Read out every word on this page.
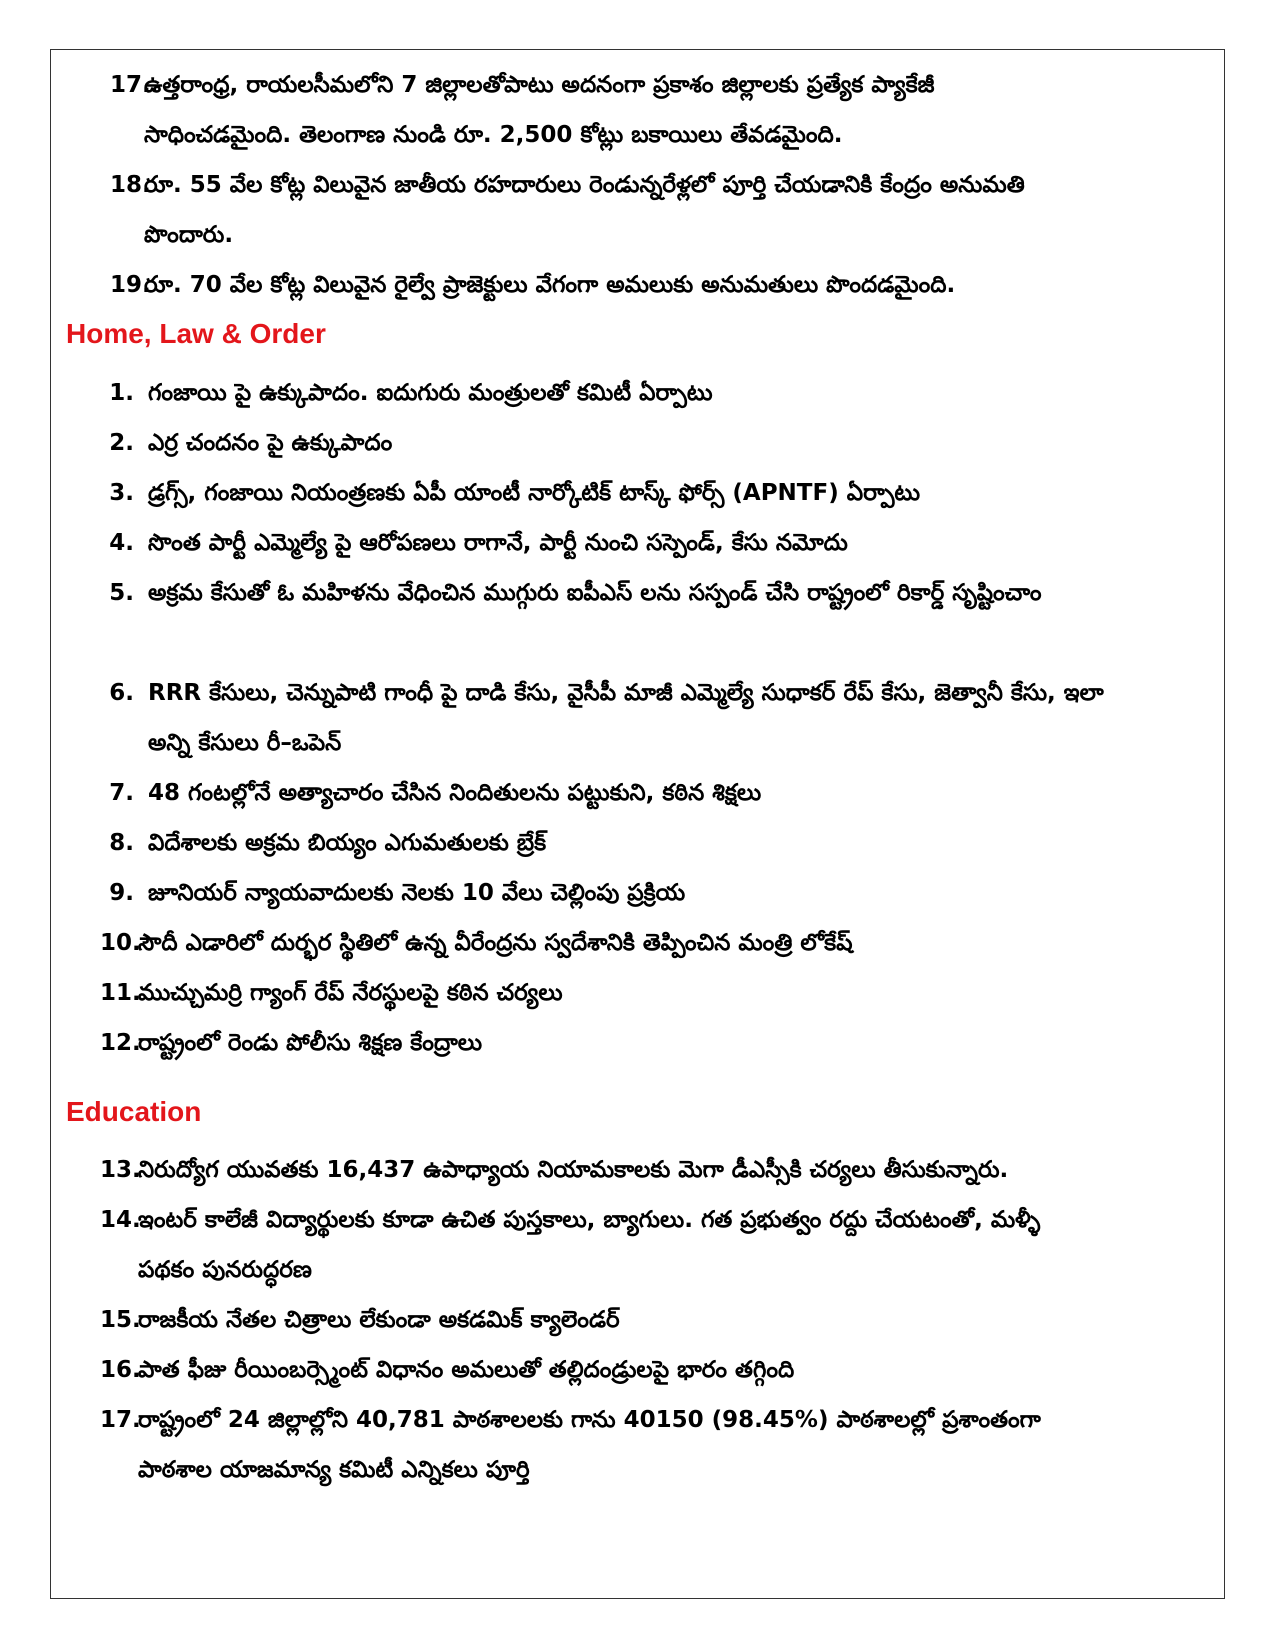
17.
ఉత్తరాంధ్ర, రాయలసీమలోని 7 జిల్లాలతోపాటు అదనంగా ప్రకాశం జిల్లాలకు ప్రత్యేక ప్యాకేజీ సాధించడమైంది. తెలంగాణ నుండి రూ. 2,500 కోట్లు బకాయిలు తేవడమైంది.
18.
రూ. 55 వేల కోట్ల విలువైన జాతీయ రహదారులు రెండున్నరేళ్లలో పూర్తి చేయడానికి కేంద్రం అనుమతి పొందారు.
19.
రూ. 70 వేల కోట్ల విలువైన రైల్వే ప్రాజెక్టులు వేగంగా అమలుకు అనుమతులు పొందడమైంది.
Home, Law & Order
1. గంజాయి పై ఉక్కుపాదం. ఐదుగురు మంత్రులతో కమిటీ ఏర్పాటు
2. ఎర్ర చందనం పై ఉక్కుపాదం
3. డ్రగ్స్, గంజాయి నియంత్రణకు ఏపీ యాంటీ నార్కోటిక్ టాస్క్ ఫోర్స్ (APNTF) ఏర్పాటు
4. సొంత పార్టీ ఎమ్మెల్యే పై ఆరోపణలు రాగానే, పార్టీ నుంచి సస్పెండ్, కేసు నమోదు
5. అక్రమ కేసుతో ఓ మహిళను వేధించిన ముగ్గురు ఐపీఎస్ లను సస్పండ్ చేసి రాష్ట్రంలో రికార్డ్ సృష్టించాం
6. RRR కేసులు, చెన్నుపాటి గాంధీ పై దాడి కేసు, వైసీపీ మాజీ ఎమ్మెల్యే సుధాకర్ రేప్ కేసు, జెత్వానీ కేసు, ఇలా అన్ని కేసులు రీ–ఒపెన్
7. 48 గంటల్లోనే అత్యాచారం చేసిన నిందితులను పట్టుకుని, కఠిన శిక్షలు
8. విదేశాలకు అక్రమ బియ్యం ఎగుమతులకు బ్రేక్
9. జూనియర్ న్యాయవాదులకు నెలకు 10 వేలు చెల్లింపు ప్రక్రియ
10.
సౌదీ ఎడారిలో దుర్భర స్థితిలో ఉన్న వీరేంద్రను స్వదేశానికి తెప్పించిన మంత్రి లోకేష్
11.
ముచ్చుమర్రి గ్యాంగ్ రేప్ నేరస్థులపై కఠిన చర్యలు
12.
రాష్ట్రంలో రెండు పోలీసు శిక్షణ కేంద్రాలు
Education
13.
నిరుద్యోగ యువతకు 16,437 ఉపాధ్యాయ నియామకాలకు మెగా డీఎస్సీకి చర్యలు తీసుకున్నారు.
14.
ఇంటర్ కాలేజీ విద్యార్థులకు కూడా ఉచిత పుస్తకాలు, బ్యాగులు. గత ప్రభుత్వం రద్దు చేయటంతో, మళ్ళీ పథకం పునరుద్ధరణ
15.
రాజకీయ నేతల చిత్రాలు లేకుండా అకడమిక్ క్యాలెండర్
16.
పాత ఫీజు రీయింబర్స్మెంట్ విధానం అమలుతో తల్లిదండ్రులపై భారం తగ్గింది
17.
రాష్ట్రంలో 24 జిల్లాల్లోని 40,781 పాఠశాలలకు గాను 40150 (98.45%) పాఠశాలల్లో ప్రశాంతంగా పాఠశాల యాజమాన్య కమిటీ ఎన్నికలు పూర్తి
